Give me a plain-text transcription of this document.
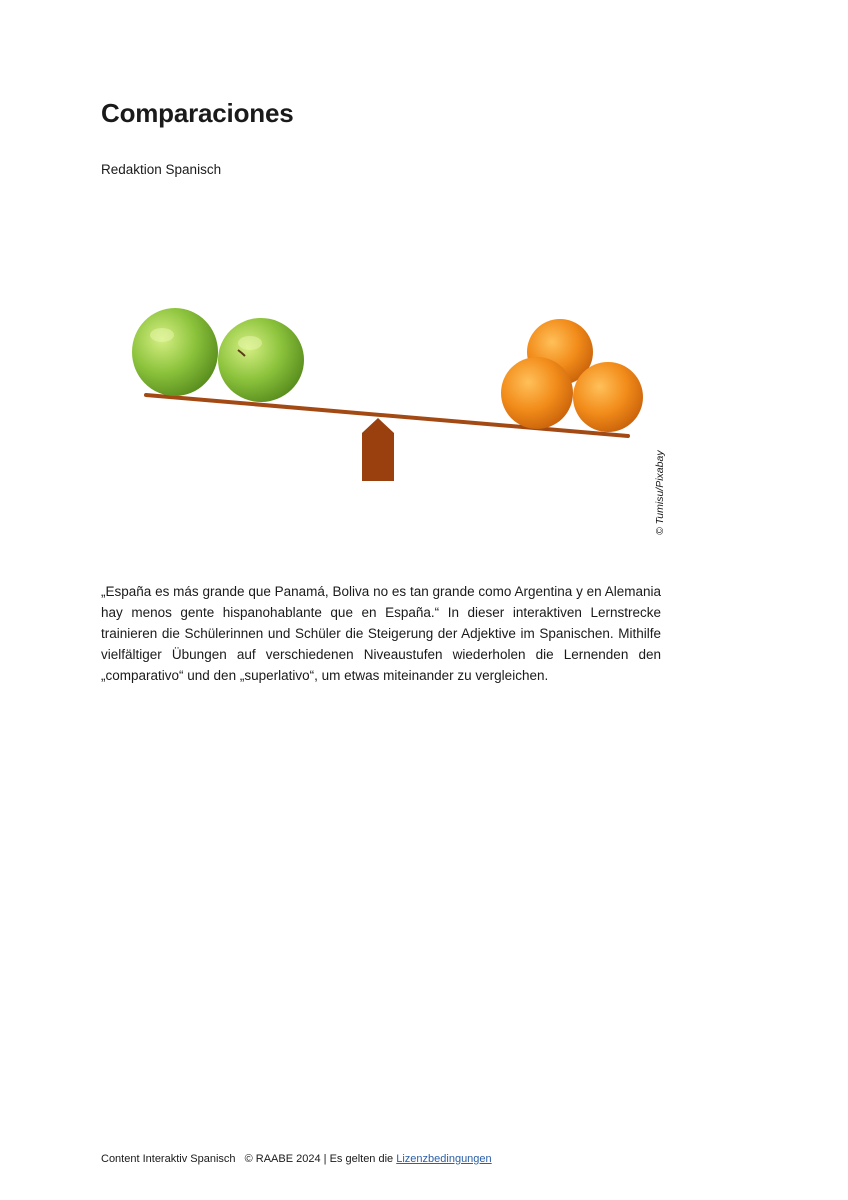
Comparaciones
Redaktion Spanisch
© Tumisu/Pixabay

„España es más grande que Panamá, Boliva no es tan grande como Argentina y en Alemania hay menos gente hispanohablante que en España.“ In dieser interaktiven Lernstrecke trainieren die Schülerinnen und Schüler die Steigerung der Adjektive im Spanischen. Mithilfe vielfältiger Übungen auf verschiedenen Niveaustufen wiederholen die Lernenden den „comparativo“ und den „superlativo“, um etwas miteinander zu vergleichen.

Content Interaktiv Spanisch © RAABE 2024 | Es gelten die Lizenzbedingungen
